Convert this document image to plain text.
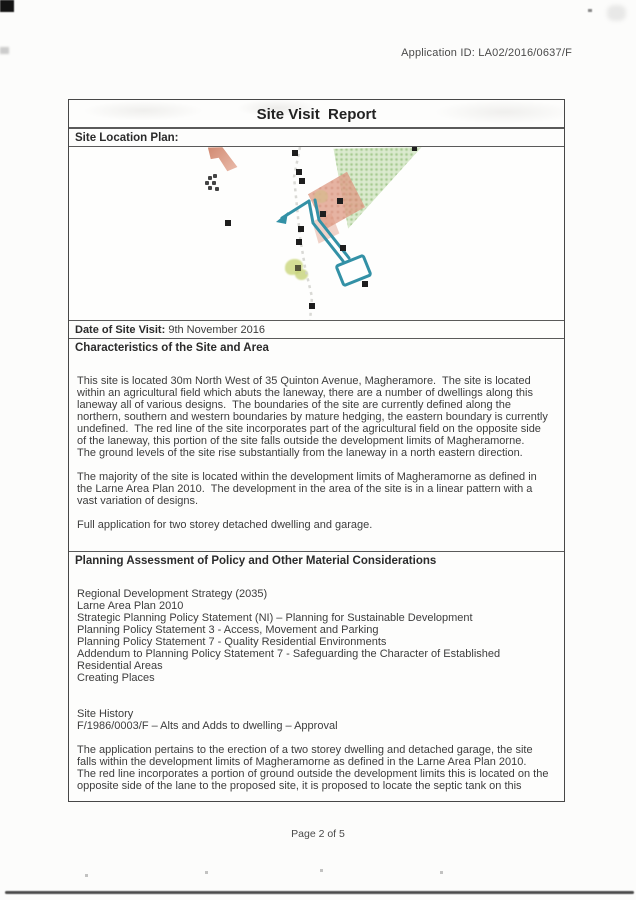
Application ID: LA02/2016/0637/F
Site Visit  Report
Site Location Plan:
Date of Site Visit: 9th November 2016
Characteristics of the Site and Area

This site is located 30m North West of 35 Quinton Avenue, Magheramore.  The site is located
within an agricultural field which abuts the laneway, there are a number of dwellings along this
laneway all of various designs.  The boundaries of the site are currently defined along the
northern, southern and western boundaries by mature hedging, the eastern boundary is currently
undefined.  The red line of the site incorporates part of the agricultural field on the opposite side
of the laneway, this portion of the site falls outside the development limits of Magheramorne.
The ground levels of the site rise substantially from the laneway in a north eastern direction.

The majority of the site is located within the development limits of Magheramorne as defined in
the Larne Area Plan 2010.  The development in the area of the site is in a linear pattern with a
vast variation of designs.

Full application for two storey detached dwelling and garage.
Planning Assessment of Policy and Other Material Considerations

Regional Development Strategy (2035)
Larne Area Plan 2010
Strategic Planning Policy Statement (NI) – Planning for Sustainable Development
Planning Policy Statement 3 - Access, Movement and Parking
Planning Policy Statement 7 - Quality Residential Environments
Addendum to Planning Policy Statement 7 - Safeguarding the Character of Established
Residential Areas
Creating Places

Site History
F/1986/0003/F – Alts and Adds to dwelling – Approval

The application pertains to the erection of a two storey dwelling and detached garage, the site
falls within the development limits of Magheramorne as defined in the Larne Area Plan 2010.
The red line incorporates a portion of ground outside the development limits this is located on the
opposite side of the lane to the proposed site, it is proposed to locate the septic tank on this
Page 2 of 5
